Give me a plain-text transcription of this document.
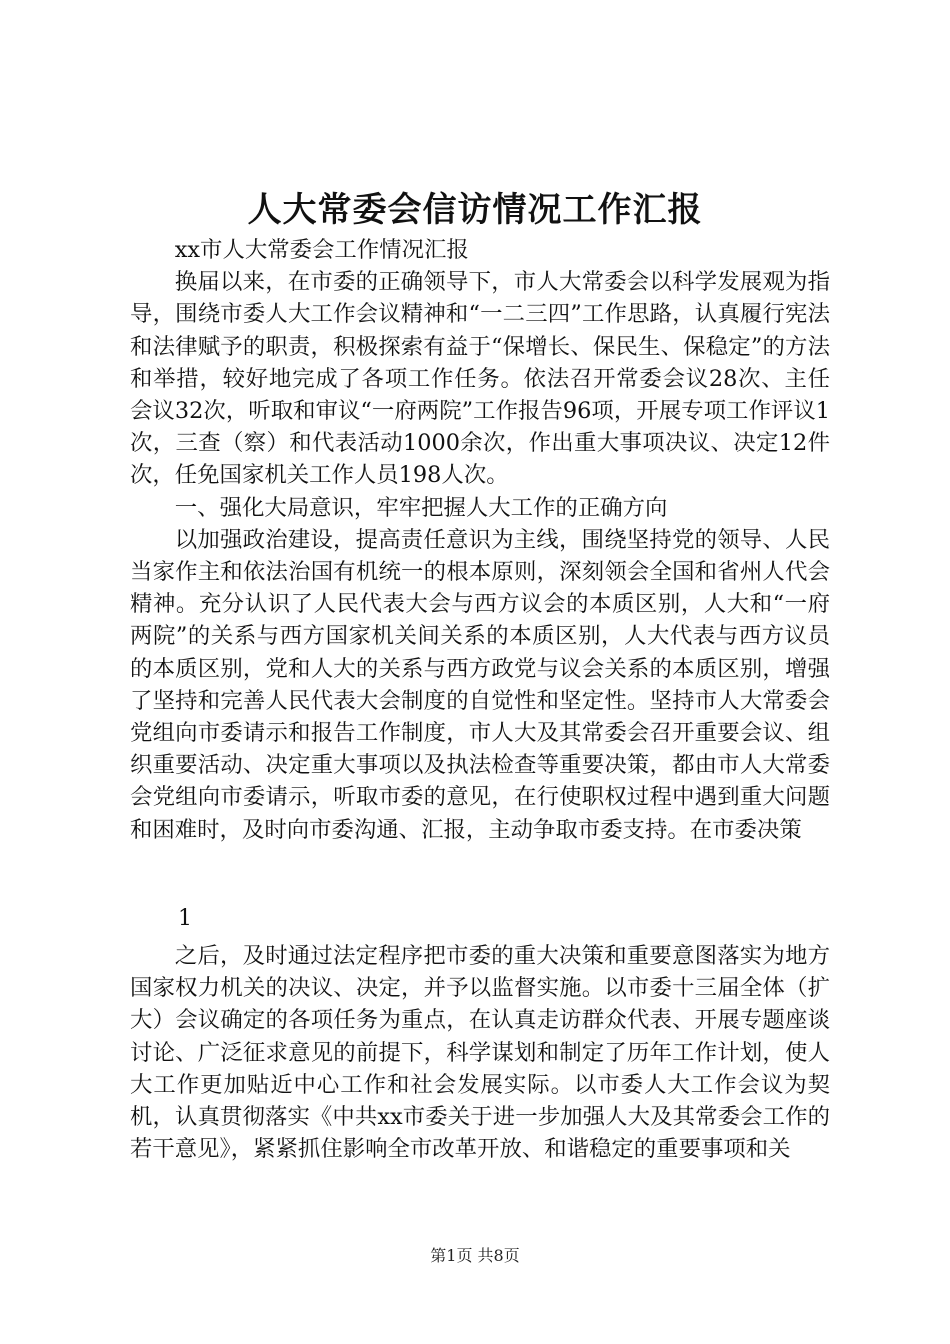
人大常委会信访情况工作汇报

xx市人大常委会工作情况汇报

换届以来，在市委的正确领导下，市人大常委会以科学发展观为指导，围绕市委人大工作会议精神和“一二三四”工作思路，认真履行宪法和法律赋予的职责，积极探索有益于“保增长、保民生、保稳定”的方法和举措，较好地完成了各项工作任务。依法召开常委会议28次、主任会议32次，听取和审议“一府两院”工作报告96项，开展专项工作评议1次，三查（察）和代表活动1000余次，作出重大事项决议、决定12件次，任免国家机关工作人员198人次。

一、强化大局意识，牢牢把握人大工作的正确方向

以加强政治建设，提高责任意识为主线，围绕坚持党的领导、人民当家作主和依法治国有机统一的根本原则，深刻领会全国和省州人代会精神。充分认识了人民代表大会与西方议会的本质区别，人大和“一府两院”的关系与西方国家机关间关系的本质区别，人大代表与西方议员的本质区别，党和人大的关系与西方政党与议会关系的本质区别，增强了坚持和完善人民代表大会制度的自觉性和坚定性。坚持市人大常委会党组向市委请示和报告工作制度，市人大及其常委会召开重要会议、组织重要活动、决定重大事项以及执法检查等重要决策，都由市人大常委会党组向市委请示，听取市委的意见，在行使职权过程中遇到重大问题和困难时，及时向市委沟通、汇报，主动争取市委支持。在市委决策

1

之后，及时通过法定程序把市委的重大决策和重要意图落实为地方国家权力机关的决议、决定，并予以监督实施。以市委十三届全体（扩大）会议确定的各项任务为重点，在认真走访群众代表、开展专题座谈讨论、广泛征求意见的前提下，科学谋划和制定了历年工作计划，使人大工作更加贴近中心工作和社会发展实际。以市委人大工作会议为契机，认真贯彻落实《中共xx市委关于进一步加强人大及其常委会工作的若干意见》，紧紧抓住影响全市改革开放、和谐稳定的重要事项和关

第1页 共8页
